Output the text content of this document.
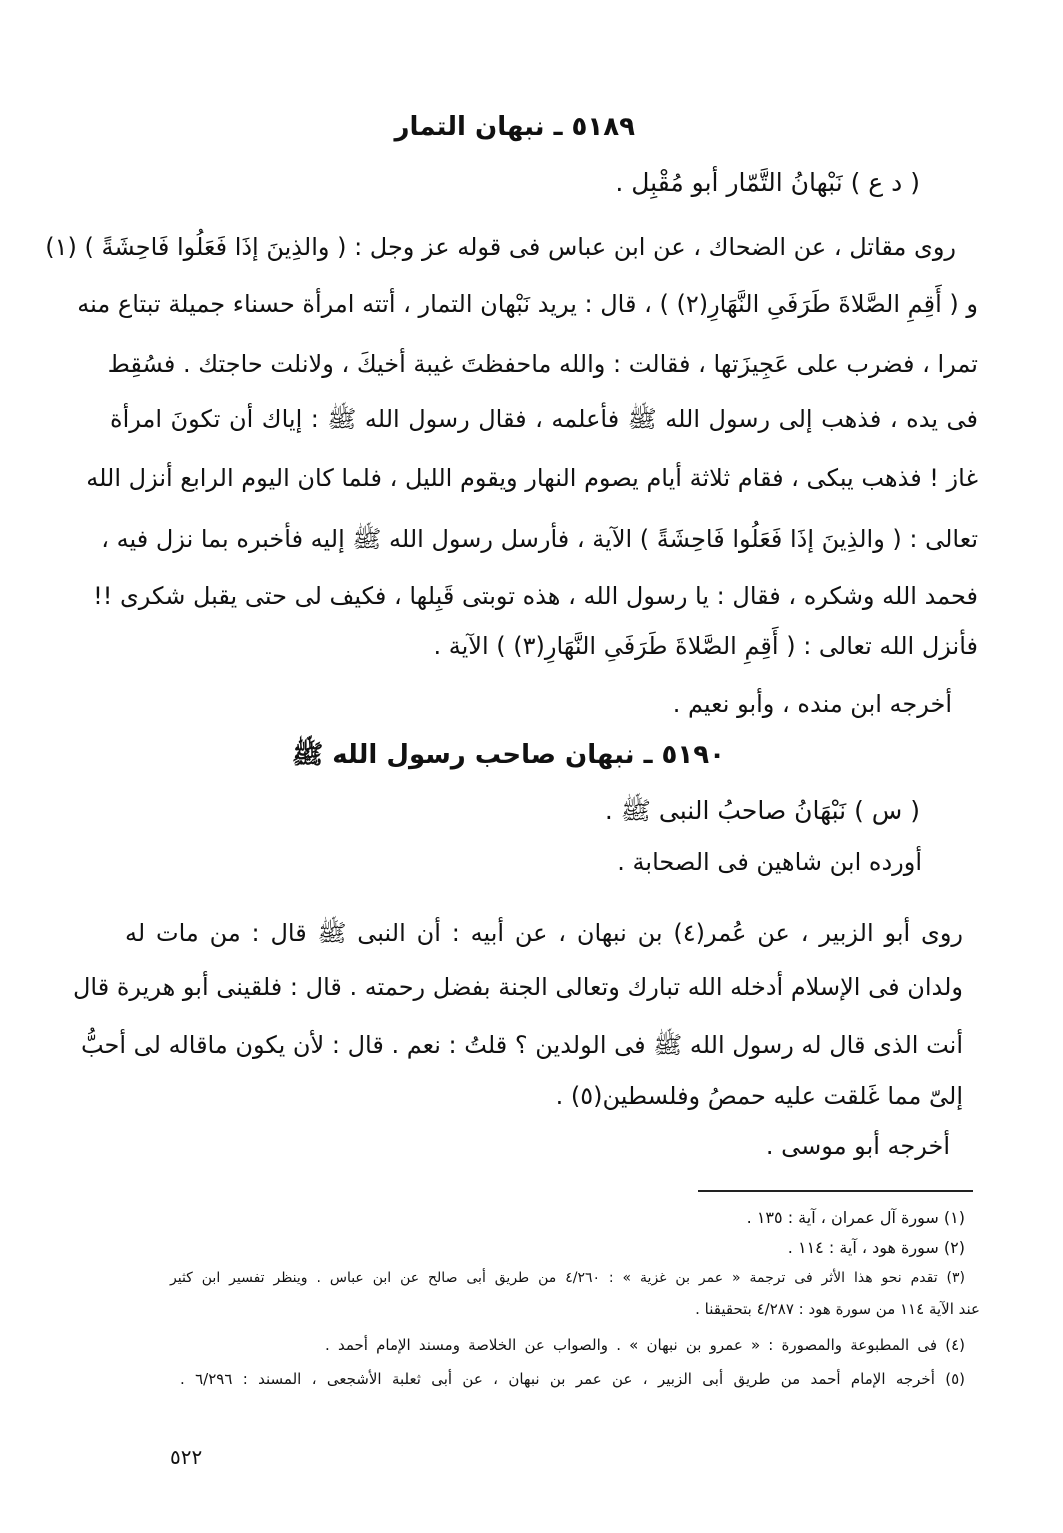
٥١٨٩ ـ نبهان التمار
( د ع ) نَبْهانُ التَّمّار أبو مُقْبِل .
روى مقاتل ، عن الضحاك ، عن ابن عباس فى قوله عز وجل : ( والذِينَ إذَا فَعَلُوا فَاحِشَةً ) (١)
و ( أَقِمِ الصَّلاةَ طَرَفَىِ النَّهَارِ(٢) ) ، قال : يريد نَبْهان التمار ، أتته امرأة حسناء جميلة تبتاع منه
تمرا ، فضرب على عَجِيزَتها ، فقالت : والله ماحفظتَ غيبة أخيكَ ، ولانلت حاجتك . فسُقِط
فى يده ، فذهب إلى رسول الله ﷺ فأعلمه ، فقال رسول الله ﷺ : إياك أن تكونَ امرأة
غاز ! فذهب يبكى ، فقام ثلاثة أيام يصوم النهار ويقوم الليل ، فلما كان اليوم الرابع أنزل الله
تعالى : ( والذِينَ إذَا فَعَلُوا فَاحِشَةً ) الآية ، فأرسل رسول الله ﷺ إليه فأخبره بما نزل فيه ،
فحمد الله وشكره ، فقال : يا رسول الله ، هذه توبتى قَبِلها ، فكيف لى حتى يقبل شكرى !!
فأنزل الله تعالى : ( أَقِمِ الصَّلاةَ طَرَفَىِ النَّهَارِ(٣) ) الآية .
أخرجه ابن منده ، وأبو نعيم .
٥١٩٠ ـ نبهان صاحب رسول الله ﷺ
( س ) نَبْهَانُ صاحبُ النبى ﷺ .
أورده ابن شاهين فى الصحابة .
روى أبو الزبير ، عن عُمر(٤) بن نبهان ، عن أبيه : أن النبى ﷺ قال : من مات له
ولدان فى الإسلام أدخله الله تبارك وتعالى الجنة بفضل رحمته . قال : فلقينى أبو هريرة قال
أنت الذى قال له رسول الله ﷺ فى الولدين ؟ قلتُ : نعم . قال : لأن يكون ماقاله لى أحبُّ
إلىّ مما غَلقت عليه حمصُ وفلسطين(٥) .
أخرجه أبو موسى .
(١) سورة آل عمران ، آية : ١٣٥ .
(٢) سورة هود ، آية : ١١٤ .
(٣) تقدم نحو هذا الأثر فى ترجمة « عمر بن غزية » : ٤/٢٦٠ من طريق أبى صالح عن ابن عباس . وينظر تفسير ابن كثير
عند الآية ١١٤ من سورة هود : ٤/٢٨٧ بتحقيقنا .
(٤) فى المطبوعة والمصورة : « عمرو بن نبهان » . والصواب عن الخلاصة ومسند الإمام أحمد .
(٥) أخرجه الإمام أحمد من طريق أبى الزبير ، عن عمر بن نبهان ، عن أبى ثعلبة الأشجعى ، المسند : ٦/٢٩٦ .
٥٢٢
